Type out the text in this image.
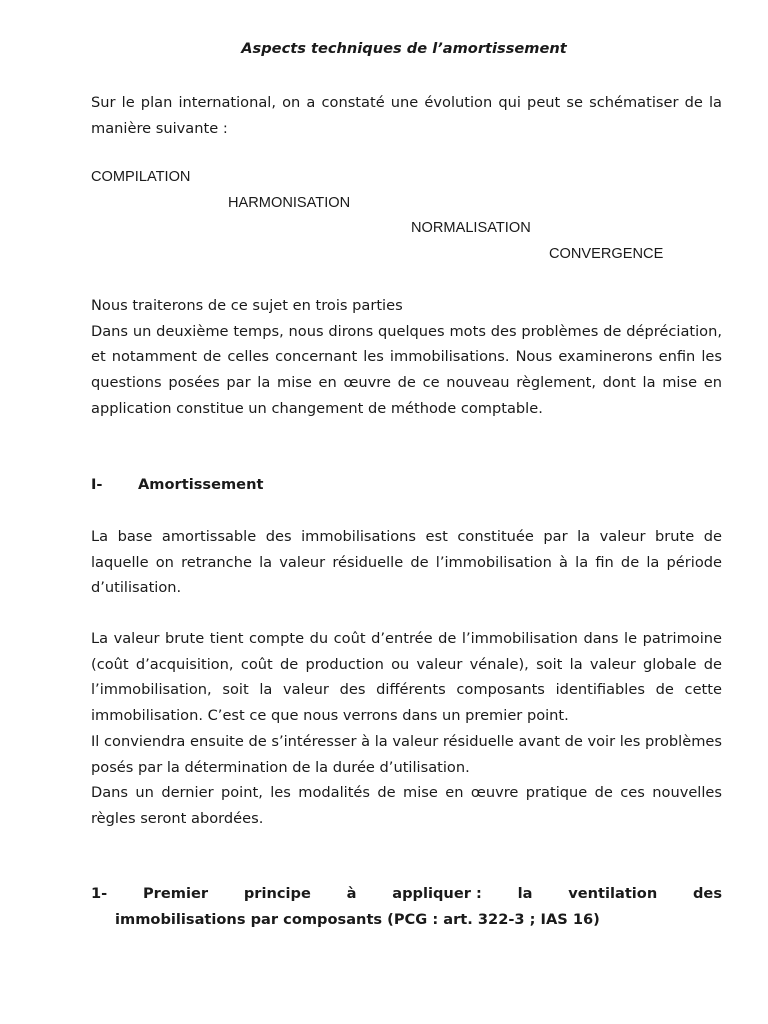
Aspects techniques de l’amortissement

Sur le plan international, on a constaté une évolution qui peut se schématiser de la manière suivante :

COMPILATION
HARMONISATION
NORMALISATION
CONVERGENCE

Nous traiterons de ce sujet en trois parties

Dans un deuxième temps, nous dirons quelques mots des problèmes de dépréciation, et notamment de celles concernant les immobilisations. Nous examinerons enfin les questions posées par la mise en œuvre de ce nouveau règlement, dont la mise en application constitue un changement de méthode comptable.

I- Amortissement

La base amortissable des immobilisations est constituée par la valeur brute de laquelle on retranche la valeur résiduelle de l’immobilisation à la fin de la période d’utilisation.

La valeur brute tient compte du coût d’entrée de l’immobilisation dans le patrimoine (coût d’acquisition, coût de production ou valeur vénale), soit la valeur globale de l’immobilisation, soit la valeur des différents composants identifiables de cette immobilisation. C’est ce que nous verrons dans un premier point.

Il conviendra ensuite de s’intéresser à la valeur résiduelle avant de voir les problèmes posés par la détermination de la durée d’utilisation.

Dans un dernier point, les modalités de mise en œuvre pratique de ces nouvelles règles seront abordées.

1- Premier principe à appliquer : la ventilation des
immobilisations par composants (PCG : art. 322-3 ; IAS 16)
